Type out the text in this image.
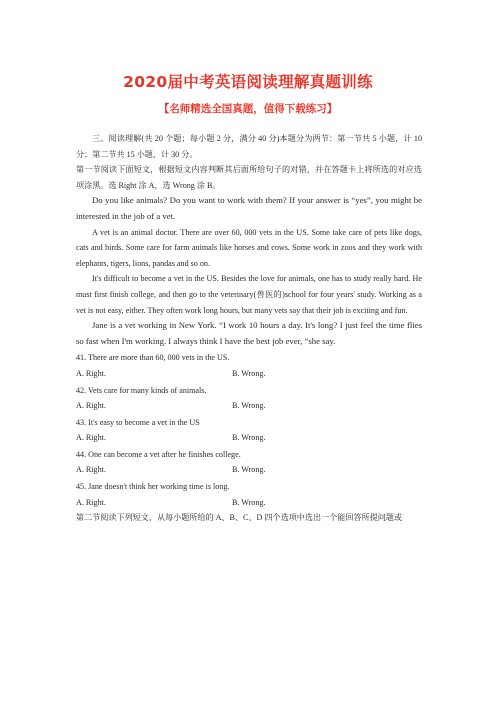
2020届中考英语阅读理解真题训练
【名师精选全国真题，值得下载练习】

三、阅读理解(共 20 个题；每小题 2 分，满分 40 分)本题分为两节：第一节共 5 小题，计 10 分；第二节共 15 小题，计 30 分。

第一节阅读下面短文，根据短文内容判断其后面所给句子的对错，并在答题卡上将所选的对应选项涂黑。选 Right 涂 A，选 Wrong 涂 B。

Do you like animals? Do you want to work with them? If your answer is “yes”, you might be interested in the job of a vet.

A vet is an animal doctor. There are over 60, 000 vets in the US. Some take care of pets like dogs, cats and birds. Some care for farm animals like horses and cows. Some work in zoos and they work with elephants, tigers, lions, pandas and so on.

It's difficult to become a vet in the US. Besides the love for animals, one has to study really hard. He must first finish college, and then go to the veterinary(兽医的)school for four years' study. Working as a vet is not easy, either. They often work long hours, but many vets say that their job is exciting and fun.

Jane is a vet working in New York. “I work 10 hours a day. It's long? I just feel the time flies so fast when I'm working. I always think I have the best job ever, ”she say.

41. There are more than 60, 000 vets in the US.

A. Right.	B. Wrong.

42. Vets care for many kinds of animals.

A. Right.	B. Wrong.

43. It's easy to become a vet in the US

A. Right.	B. Wrong.

44. One can become a vet after he finishes college.

A. Right.	B. Wrong.

45. Jane doesn't think her working time is long.

A. Right.	B. Wrong.

第二节阅读下列短文，从每小题所给的 A、B、C、D 四个选项中选出一个能回答所提问题或
